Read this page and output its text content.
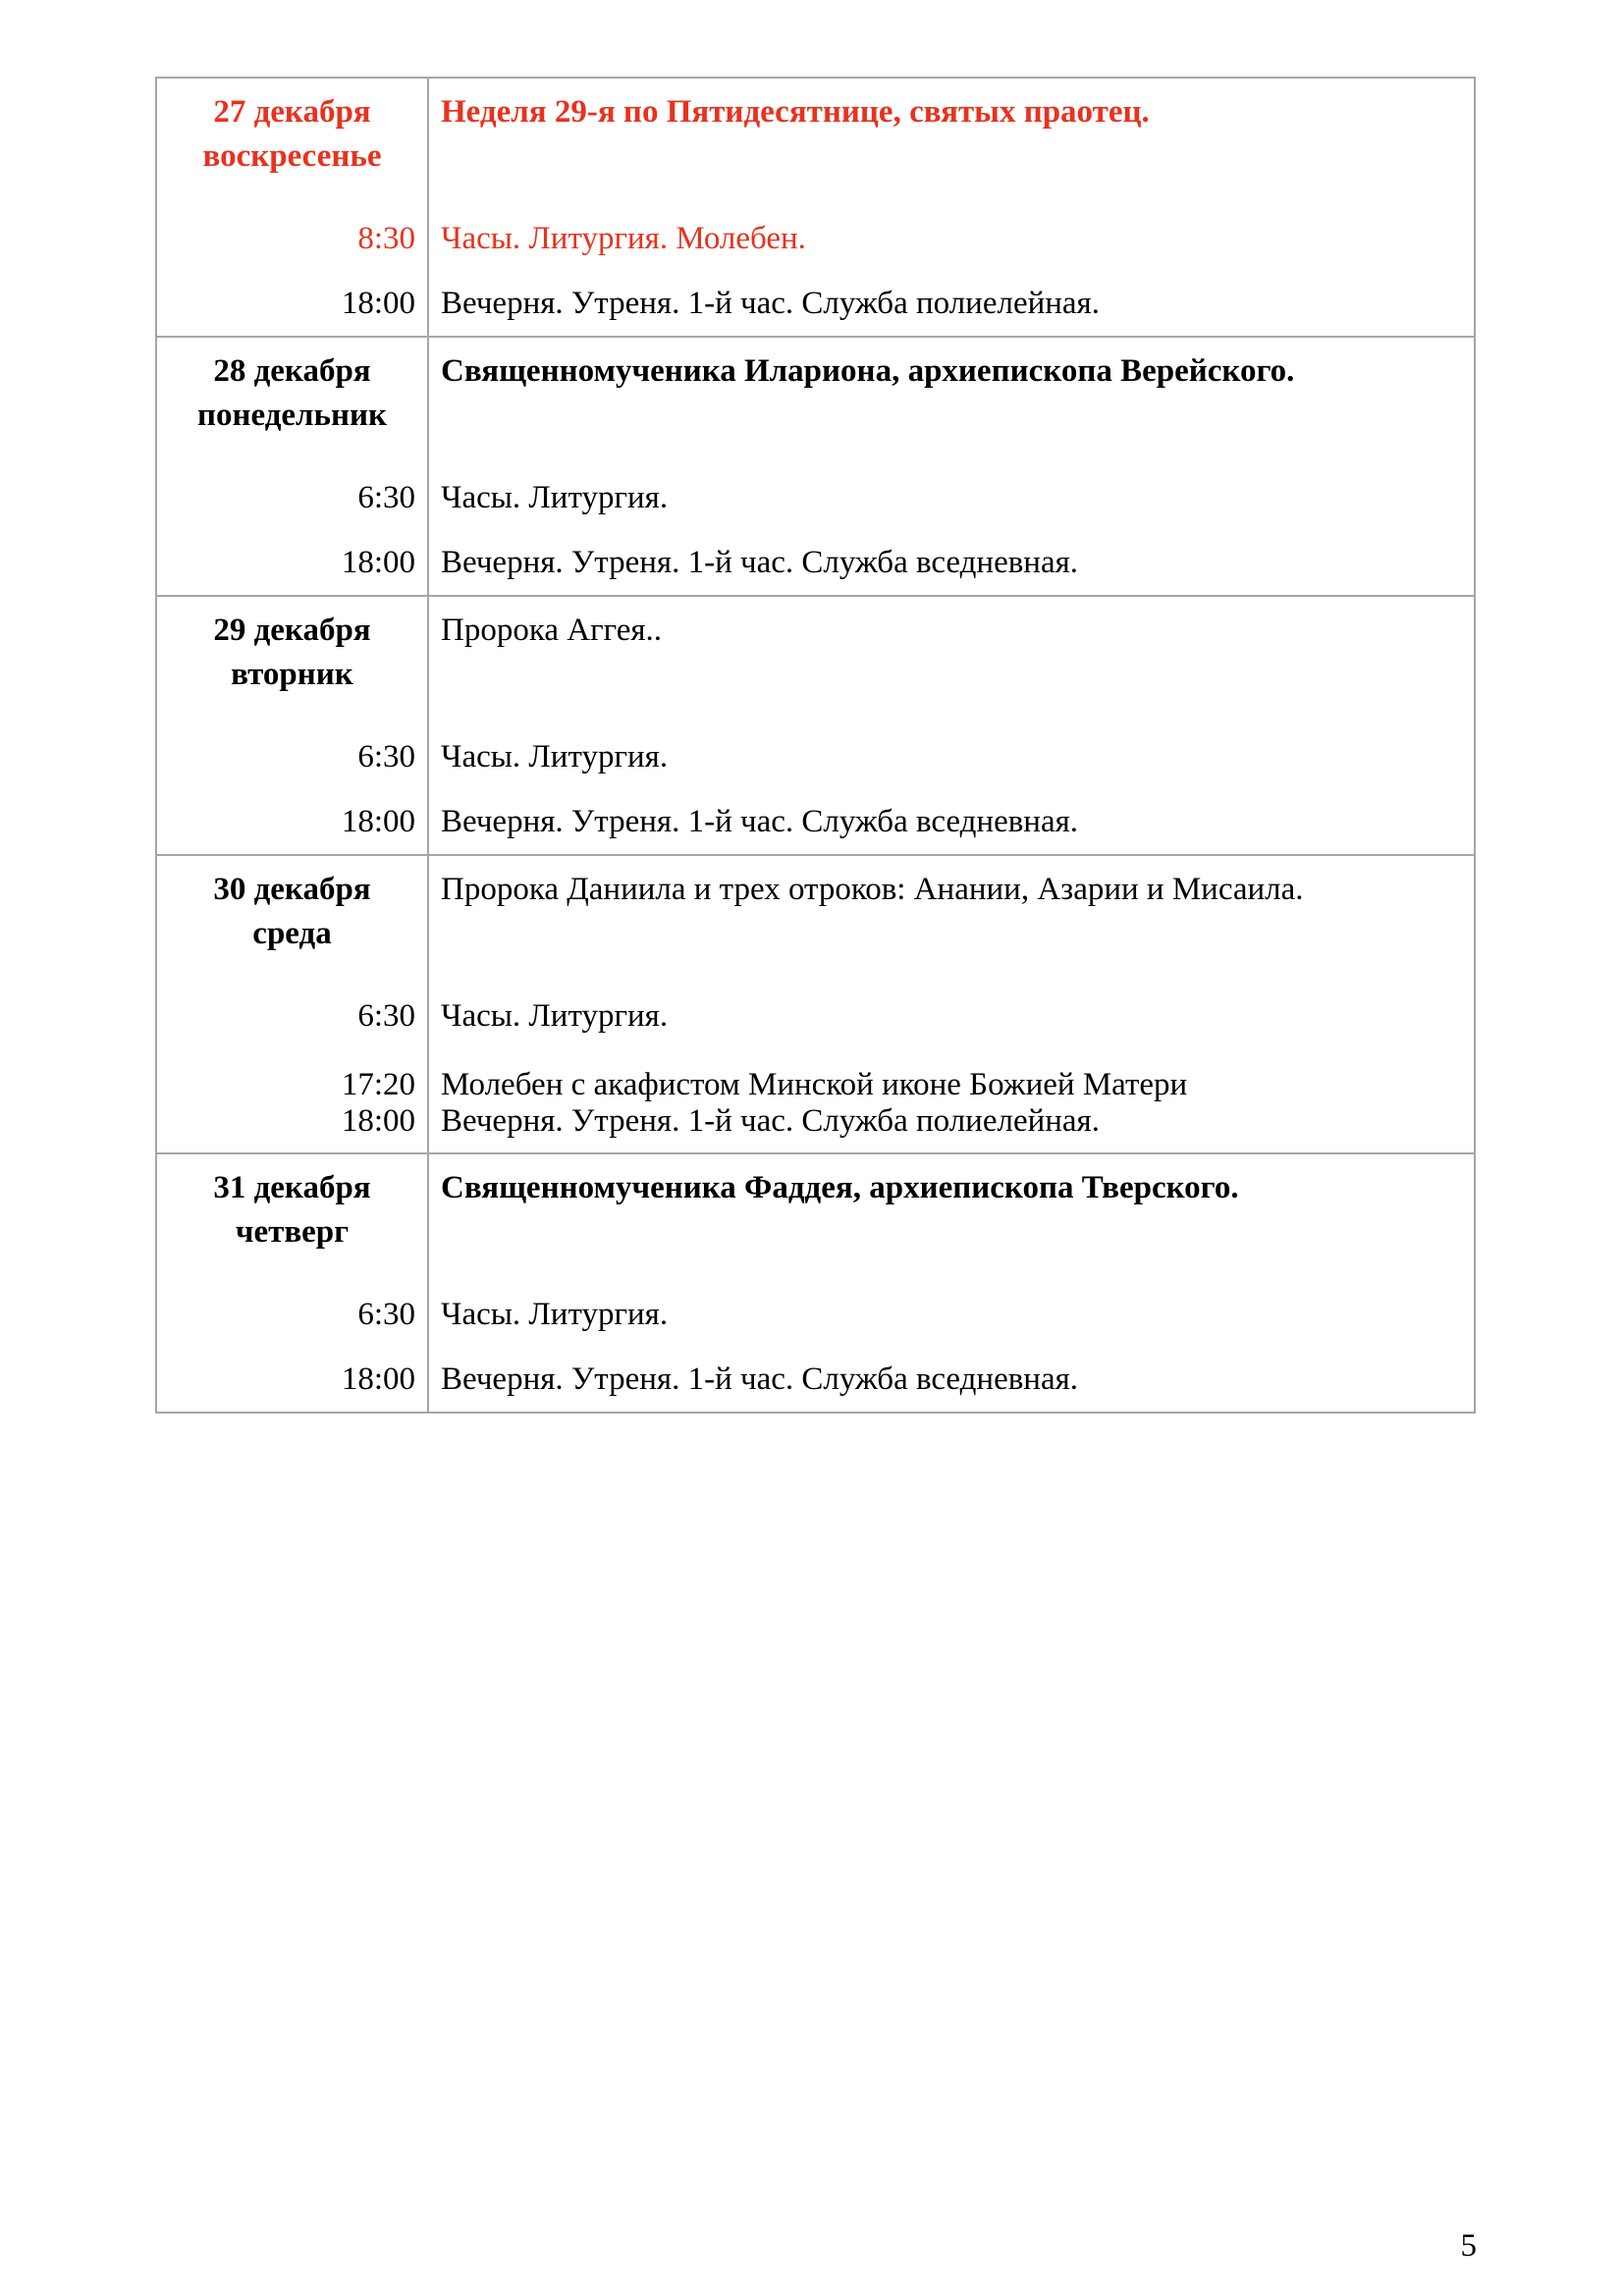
27 декабря
воскресенье
Неделя 29-я по Пятидесятнице, святых праотец.
8:30 Часы. Литургия. Молебен.
18:00 Вечерня. Утреня. 1-й час. Служба полиелейная.

28 декабря
понедельник
Священномученика Илариона, архиепископа Верейского.
6:30 Часы. Литургия.
18:00 Вечерня. Утреня. 1-й час. Служба вседневная.

29 декабря
вторник
Пророка Аггея..
6:30 Часы. Литургия.
18:00 Вечерня. Утреня. 1-й час. Служба вседневная.

30 декабря
среда
Пророка Даниила и трех отроков: Анании, Азарии и Мисаила.
6:30 Часы. Литургия.
17:20 Молебен с акафистом Минской иконе Божией Матери
18:00 Вечерня. Утреня. 1-й час. Служба полиелейная.

31 декабря
четверг
Священномученика Фаддея, архиепископа Тверского.
6:30 Часы. Литургия.
18:00 Вечерня. Утреня. 1-й час. Служба вседневная.
5
